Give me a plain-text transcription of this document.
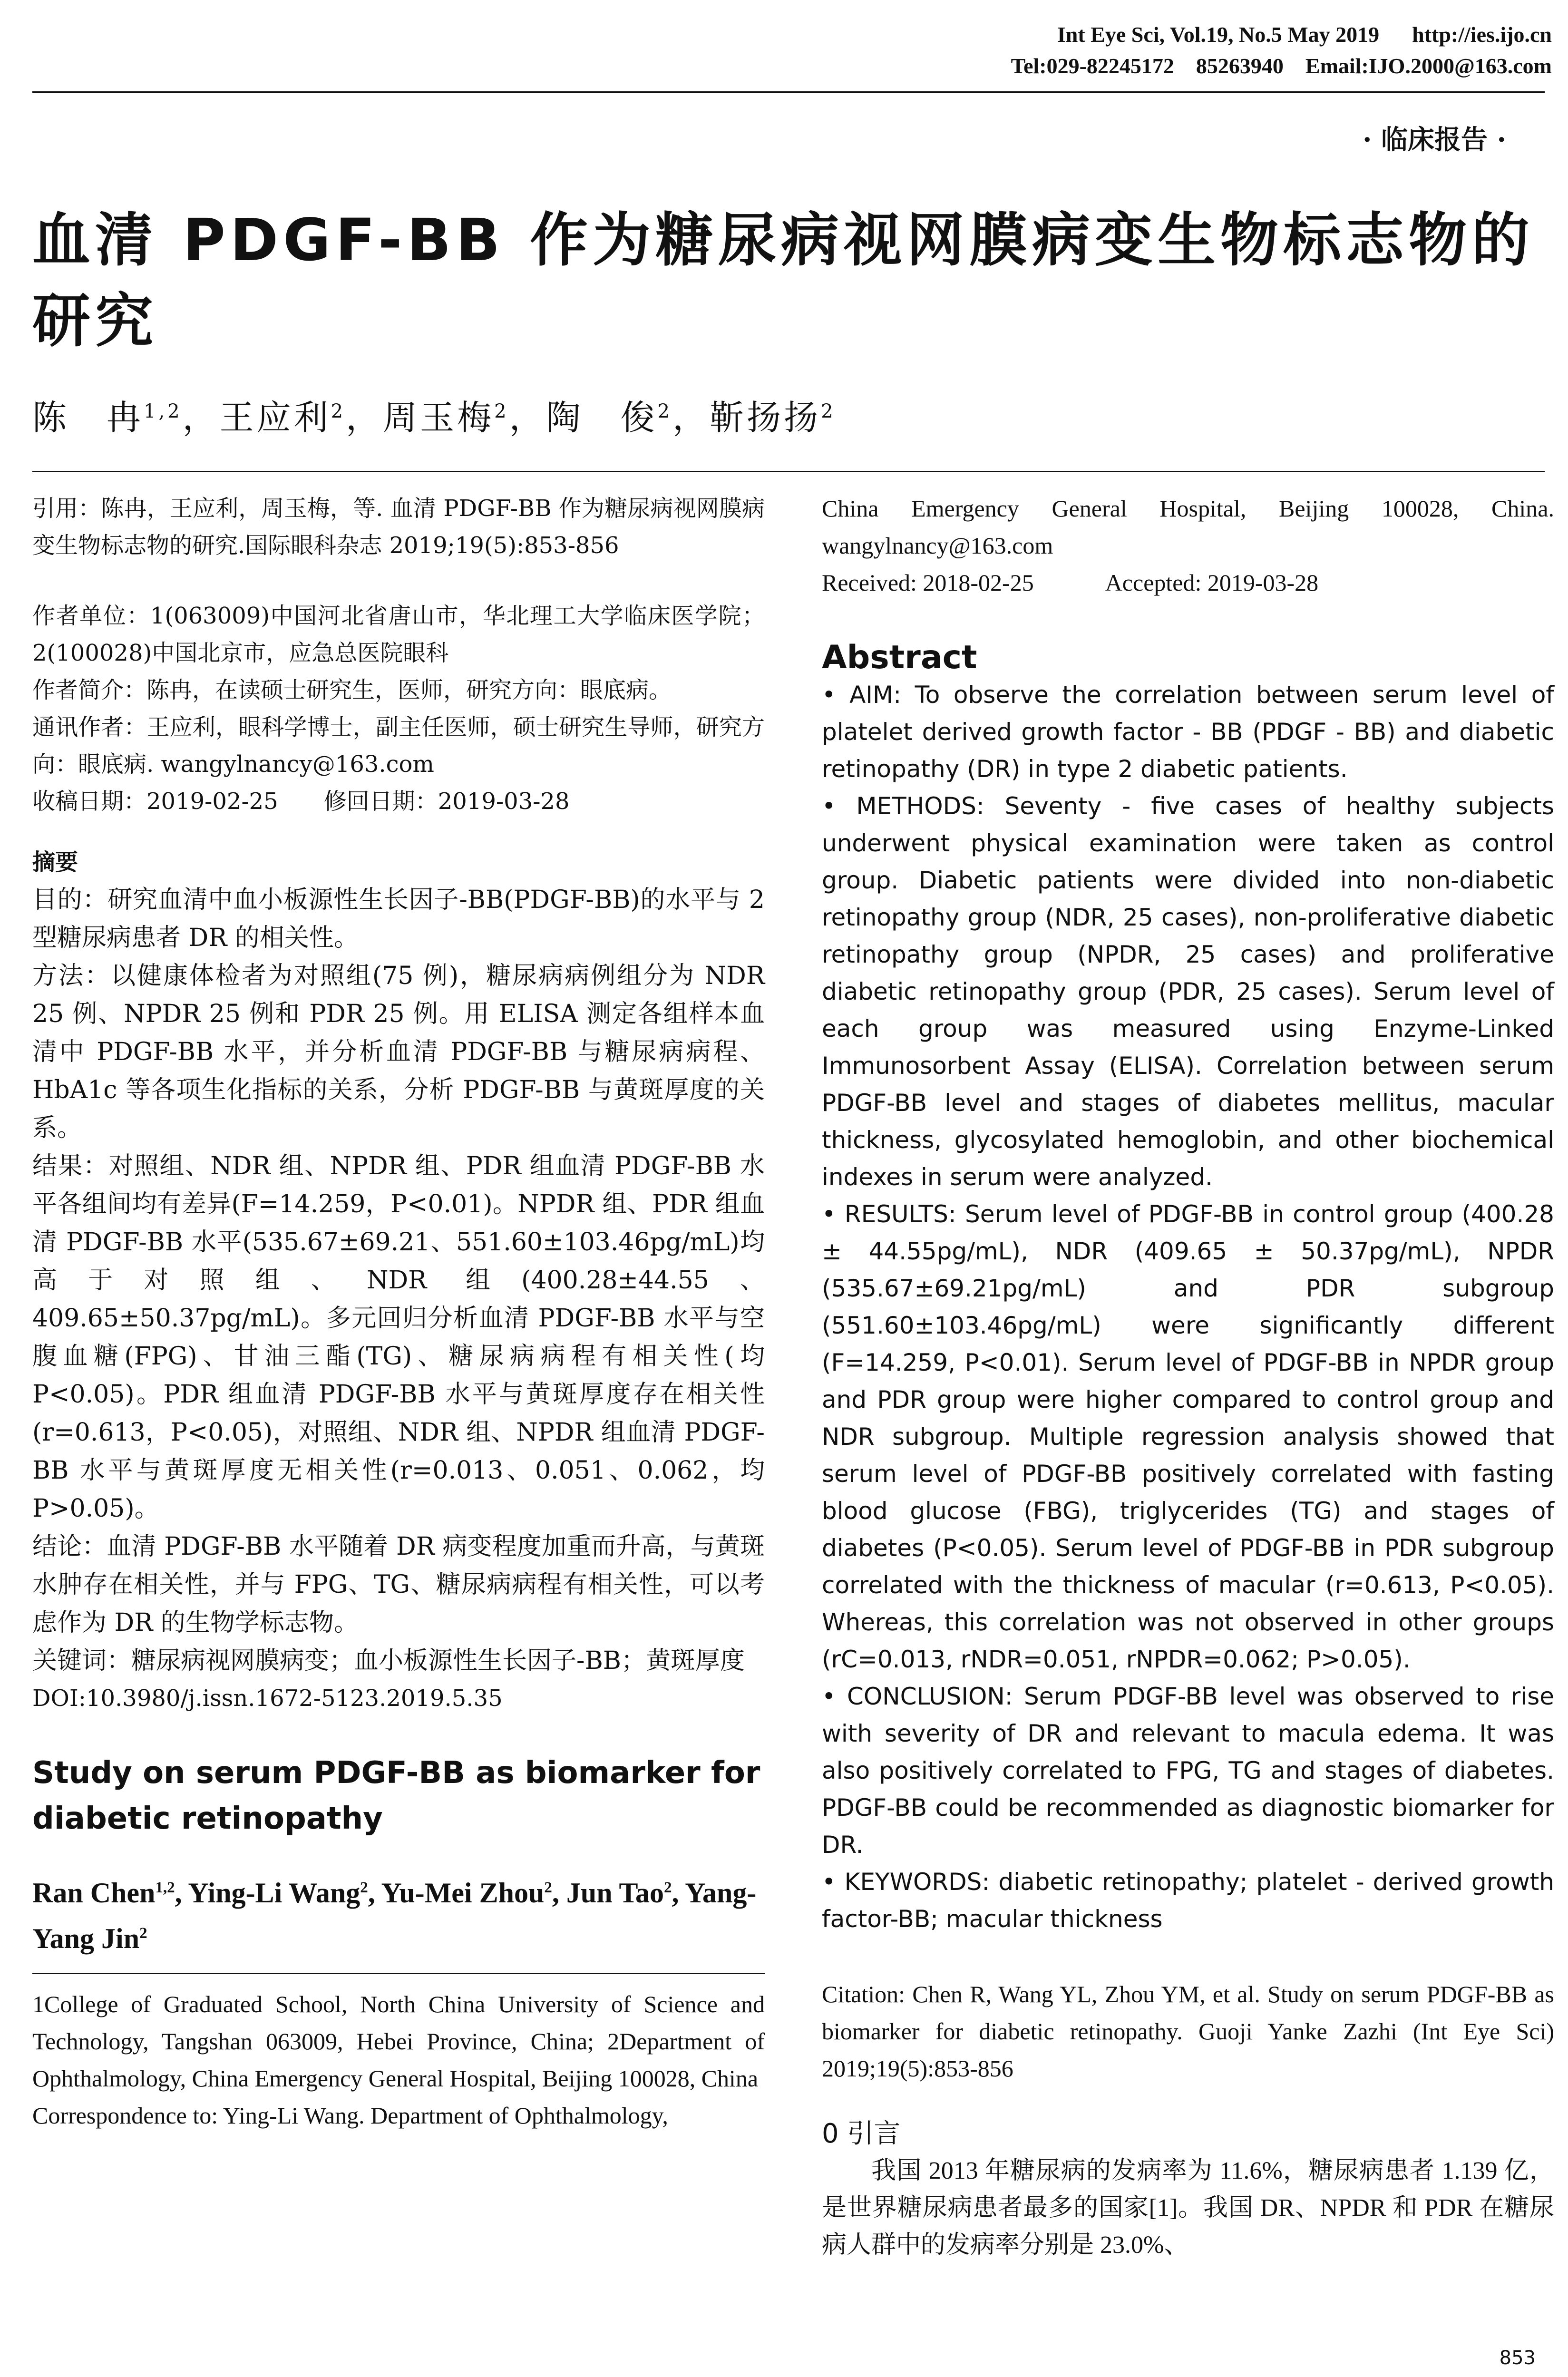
Int Eye Sci, Vol.19, No.5 May 2019      http://ies.ijo.cn
Tel:029-82245172    85263940    Email:IJO.2000@163.com
· 临床报告 ·
血清 PDGF-BB 作为糖尿病视网膜病变生物标志物的研究
陈　冉$^{1,2}$，王应利$^2$，周玉梅$^2$，陶　俊$^2$，靳扬扬$^2$

引用：陈冉，王应利，周玉梅，等. 血清 PDGF-BB 作为糖尿病视网膜病变生物标志物的研究.国际眼科杂志 2019;19(5):853-856

作者单位：1(063009)中国河北省唐山市，华北理工大学临床医学院；2(100028)中国北京市，应急总医院眼科

作者简介：陈冉，在读硕士研究生，医师，研究方向：眼底病。

通讯作者：王应利，眼科学博士，副主任医师，硕士研究生导师，研究方向：眼底病. wangylnancy@163.com

收稿日期：2019-02-25　　修回日期：2019-03-28

摘要

目的：研究血清中血小板源性生长因子-BB(PDGF-BB)的水平与 2 型糖尿病患者 DR 的相关性。

方法：以健康体检者为对照组(75 例)，糖尿病病例组分为 NDR 25 例、NPDR 25 例和 PDR 25 例。用 ELISA 测定各组样本血清中 PDGF-BB 水平，并分析血清 PDGF-BB 与糖尿病病程、HbA1c 等各项生化指标的关系，分析 PDGF-BB 与黄斑厚度的关系。

结果：对照组、NDR 组、NPDR 组、PDR 组血清 PDGF-BB 水平各组间均有差异(F=14.259，P<0.01)。NPDR 组、PDR 组血清 PDGF-BB 水平(535.67±69.21、551.60±103.46pg/mL)均高于对照组、NDR 组(400.28±44.55、409.65±50.37pg/mL)。多元回归分析血清 PDGF-BB 水平与空腹血糖(FPG)、甘油三酯(TG)、糖尿病病程有相关性(均 P<0.05)。PDR 组血清 PDGF-BB 水平与黄斑厚度存在相关性(r=0.613，P<0.05)，对照组、NDR 组、NPDR 组血清 PDGF-BB 水平与黄斑厚度无相关性(r=0.013、0.051、0.062，均 P>0.05)。

结论：血清 PDGF-BB 水平随着 DR 病变程度加重而升高，与黄斑水肿存在相关性，并与 FPG、TG、糖尿病病程有相关性，可以考虑作为 DR 的生物学标志物。

关键词：糖尿病视网膜病变；血小板源性生长因子-BB；黄斑厚度

DOI:10.3980/j.issn.1672-5123.2019.5.35

Study on serum PDGF-BB as biomarker for diabetic retinopathy

Ran Chen$^{1,2}$, Ying-Li Wang$^2$, Yu-Mei Zhou$^2$, Jun Tao$^2$, Yang-Yang Jin$^2$

1College of Graduated School, North China University of Science and Technology, Tangshan 063009, Hebei Province, China; 2Department of Ophthalmology, China Emergency General Hospital, Beijing 100028, China

Correspondence to: Ying-Li Wang. Department of Ophthalmology,

China Emergency General Hospital, Beijing 100028, China. wangylnancy@163.com

Received: 2018-02-25　　　Accepted: 2019-03-28

Abstract

• AIM: To observe the correlation between serum level of platelet derived growth factor - BB (PDGF - BB) and diabetic retinopathy (DR) in type 2 diabetic patients.

• METHODS: Seventy - five cases of healthy subjects underwent physical examination were taken as control group. Diabetic patients were divided into non-diabetic retinopathy group (NDR, 25 cases), non-proliferative diabetic retinopathy group (NPDR, 25 cases) and proliferative diabetic retinopathy group (PDR, 25 cases). Serum level of each group was measured using Enzyme-Linked Immunosorbent Assay (ELISA). Correlation between serum PDGF-BB level and stages of diabetes mellitus, macular thickness, glycosylated hemoglobin, and other biochemical indexes in serum were analyzed.

• RESULTS: Serum level of PDGF-BB in control group (400.28 ± 44.55pg/mL), NDR (409.65 ± 50.37pg/mL), NPDR (535.67±69.21pg/mL) and PDR subgroup (551.60±103.46pg/mL) were significantly different (F=14.259, P<0.01). Serum level of PDGF-BB in NPDR group and PDR group were higher compared to control group and NDR subgroup. Multiple regression analysis showed that serum level of PDGF-BB positively correlated with fasting blood glucose (FBG), triglycerides (TG) and stages of diabetes (P<0.05). Serum level of PDGF-BB in PDR subgroup correlated with the thickness of macular (r=0.613, P<0.05). Whereas, this correlation was not observed in other groups (rC=0.013, rNDR=0.051, rNPDR=0.062; P>0.05).

• CONCLUSION: Serum PDGF-BB level was observed to rise with severity of DR and relevant to macula edema. It was also positively correlated to FPG, TG and stages of diabetes. PDGF-BB could be recommended as diagnostic biomarker for DR.

• KEYWORDS: diabetic retinopathy; platelet - derived growth factor-BB; macular thickness

Citation: Chen R, Wang YL, Zhou YM, et al. Study on serum PDGF-BB as biomarker for diabetic retinopathy. Guoji Yanke Zazhi (Int Eye Sci) 2019;19(5):853-856

0 引言

我国 2013 年糖尿病的发病率为 11.6%，糖尿病患者 1.139 亿，是世界糖尿病患者最多的国家[1]。我国 DR、NPDR 和 PDR 在糖尿病人群中的发病率分别是 23.0%、

853
